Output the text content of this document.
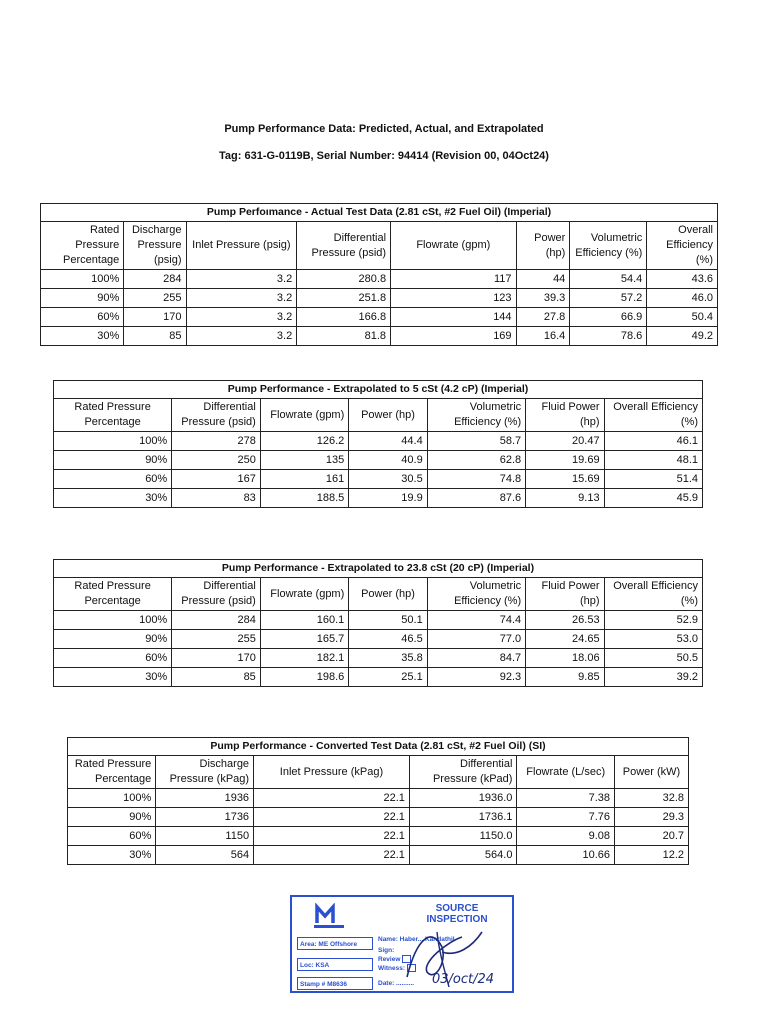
Pump Performance Data: Predicted, Actual, and Extrapolated
Tag: 631-G-0119B, Serial Number: 94414 (Revision 00, 04Oct24)
Pump Perfoımance - Actual Test Data (2.81 cSt, #2 Fuel Oil) (Imperial)							
Rated Pressure Percentage	Discharge Pressure (psig)	Inlet Pressure (psig)	Differential Pressure (psid)	Flowrate (gpm)	Power (hp)	Volumetric Efficiency (%)	Overall Efficiency (%)
100%	284	3.2	280.8	117	44	54.4	43.6
90%	255	3.2	251.8	123	39.3	57.2	46.0
60%	170	3.2	166.8	144	27.8	66.9	50.4
30%	85	3.2	81.8	169	16.4	78.6	49.2
Pump Performance - Extrapolated to 5 cSt (4.2 cP) (Imperial)						
Rated Pressure Percentage	Differential Pressure (psid)	Flowrate (gpm)	Power (hp)	Volumetric Efficiency (%)	Fluid Power (hp)	Overall Efficiency (%)
100%	278	126.2	44.4	58.7	20.47	46.1
90%	250	135	40.9	62.8	19.69	48.1
60%	167	161	30.5	74.8	15.69	51.4
30%	83	188.5	19.9	87.6	9.13	45.9
Pump Performance - Extrapolated to 23.8 cSt (20 cP) (Imperial)						
Rated Pressure Percentage	Differential Pressure (psid)	Flowrate (gpm)	Power (hp)	Volumetric Efficiency (%)	Fluid Power (hp)	Overall Efficiency (%)
100%	284	160.1	50.1	74.4	26.53	52.9
90%	255	165.7	46.5	77.0	24.65	53.0
60%	170	182.1	35.8	84.7	18.06	50.5
30%	85	198.6	25.1	92.3	9.85	39.2
Pump Performance - Converted Test Data (2.81 cSt, #2 Fuel Oil) (SI)					
Rated Pressure Percentage	Discharge Pressure (kPag)	Inlet Pressure (kPag)	Differential Pressure (kPad)	Flowrate (L/sec)	Power (kW)
100%	1936	22.1	1936.0	7.38	32.8
90%	1736	22.1	1736.1	7.76	29.3
60%	1150	22.1	1150.0	9.08	20.7
30%	564	22.1	564.0	10.66	12.2
SOURCE
INSPECTION
Area: ME Offshore
Loc: KSA
Stamp # M8636
Name: Haber... Kandathil
Sign:
Review
Witness:
Date: .......... 03/oct/24
